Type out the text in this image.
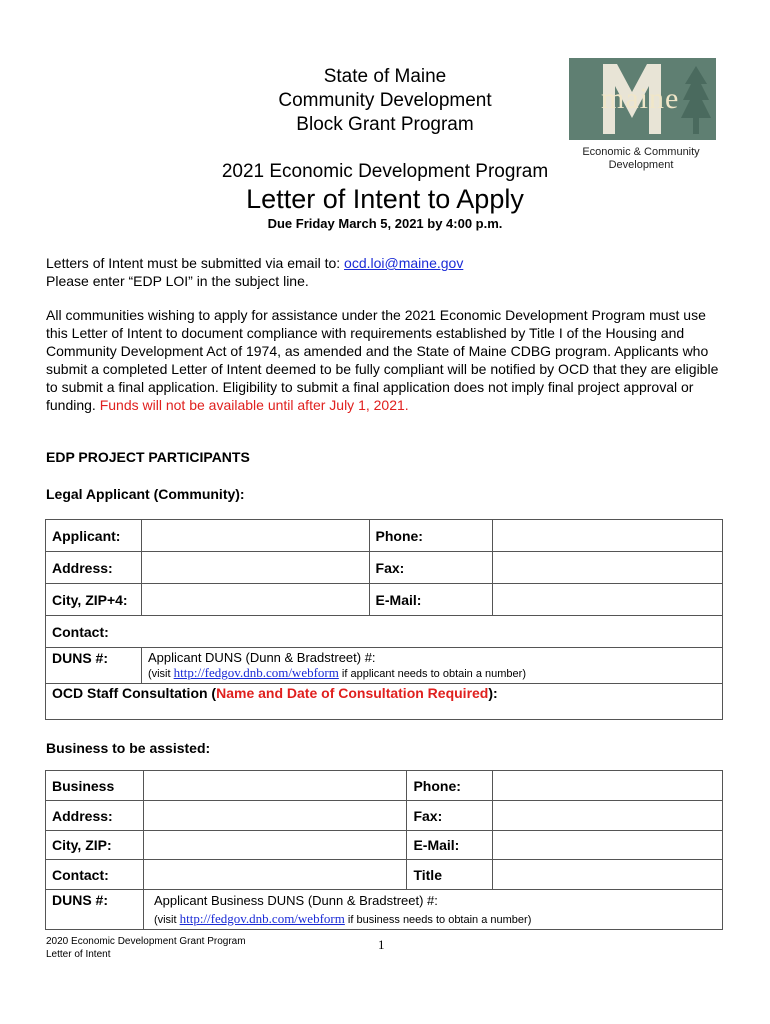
State of Maine
Community Development
Block Grant Program
2021 Economic Development Program
Letter of Intent to Apply
Due Friday March 5, 2021 by 4:00 p.m.
maine
Economic & Community
Development
Letters of Intent must be submitted via email to: ocd.loi@maine.gov
Please enter “EDP LOI” in the subject line.
All communities wishing to apply for assistance under the 2021 Economic Development Program must use this Letter of Intent to document compliance with requirements established by Title I of the Housing and Community Development Act of 1974, as amended and the State of Maine CDBG program. Applicants who submit a completed Letter of Intent deemed to be fully compliant will be notified by OCD that they are eligible to submit a final application. Eligibility to submit a final application does not imply final project approval or funding. Funds will not be available until after July 1, 2021.
EDP PROJECT PARTICIPANTS
Legal Applicant (Community):
Applicant:		Phone:	
Address:		Fax:	
City, ZIP+4:		E-Mail:	
Contact:			
DUNS #:	Applicant DUNS (Dunn & Bradstreet) #:
(visit http://fedgov.dnb.com/webform if applicant needs to obtain a number)		

OCD Staff Consultation (Name and Date of Consultation Required):			
Business to be assisted:
Business		Phone:	
Address:		Fax:	
City, ZIP:		E-Mail:	
Contact:		Title	
DUNS #:	Applicant Business DUNS (Dunn & Bradstreet) #:
(visit http://fedgov.dnb.com/webform if business needs to obtain a number)		
2020 Economic Development Grant Program
Letter of Intent
1
